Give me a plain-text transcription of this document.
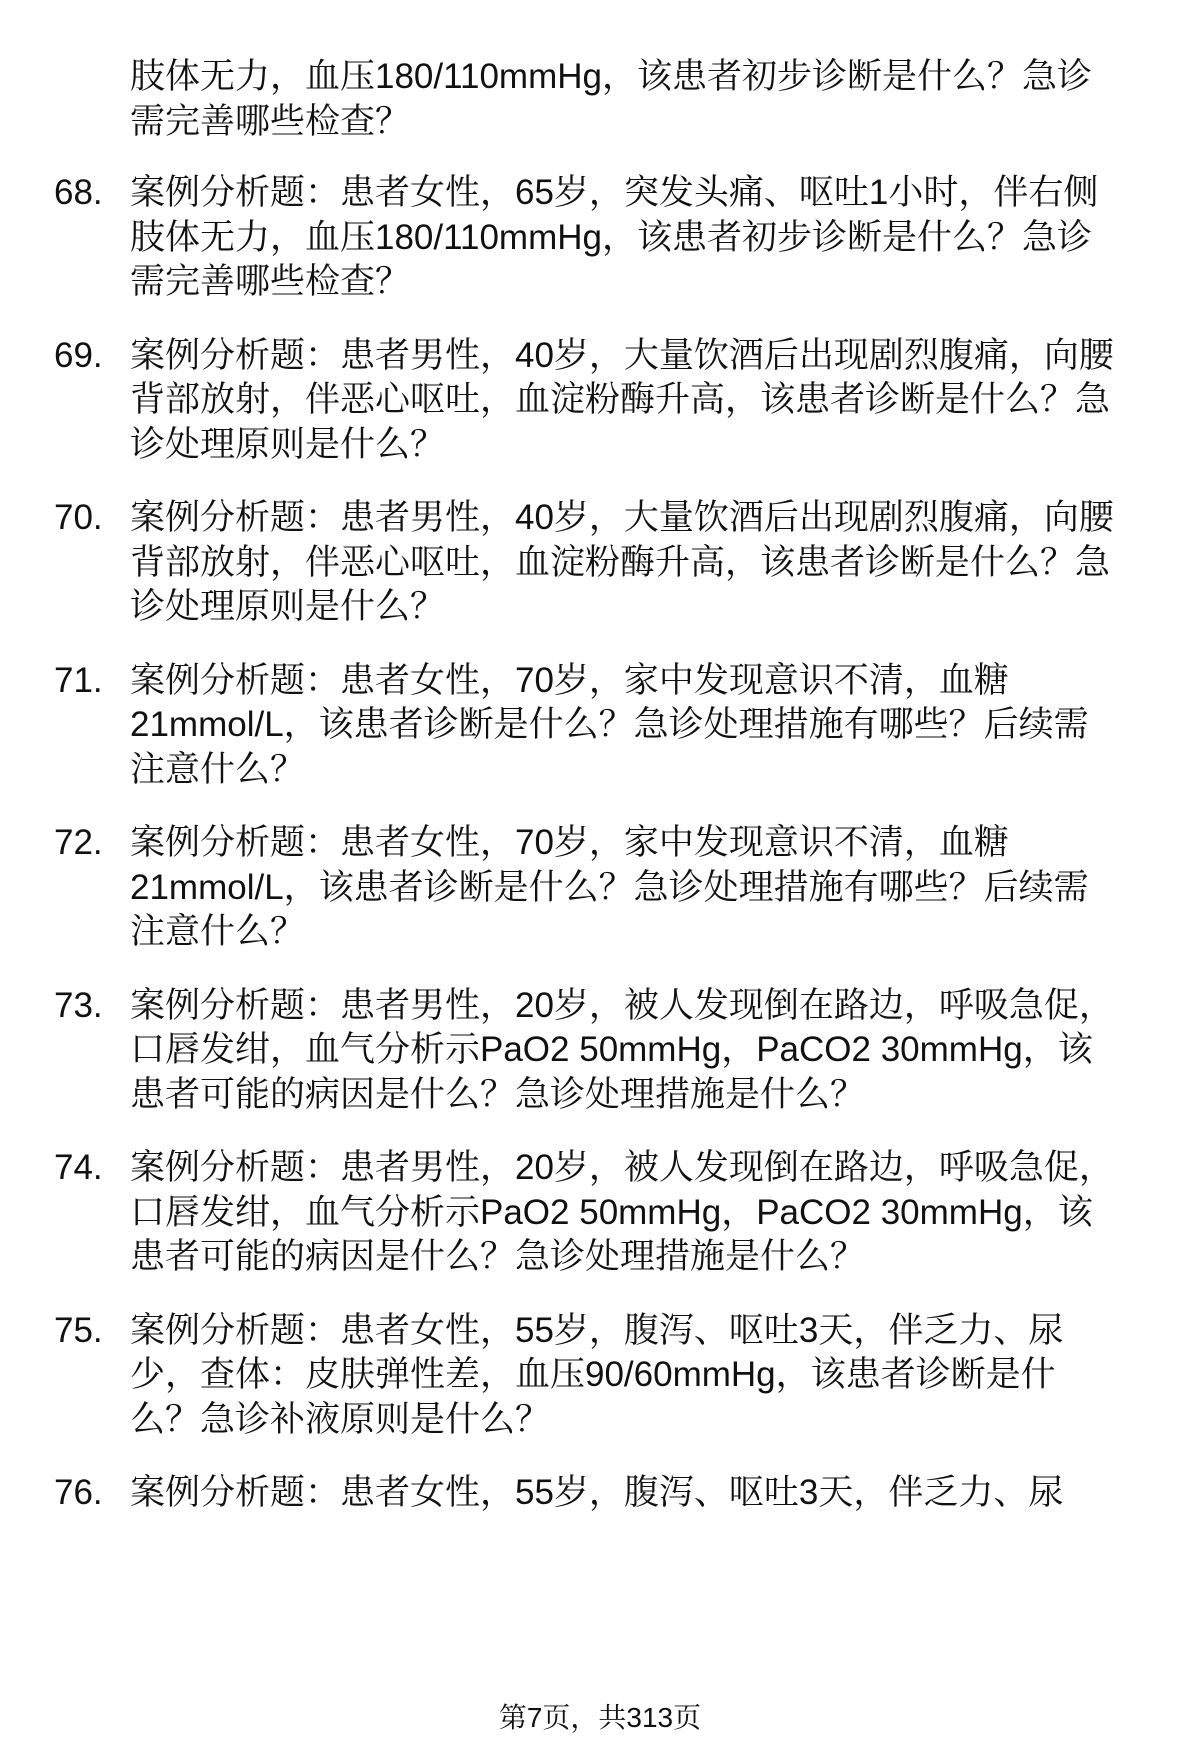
肢体无力，血压180/110mmHg，该患者初步诊断是什么？急诊
需完善哪些检查？
68. 案例分析题：患者女性，65岁，突发头痛、呕吐1小时，伴右侧
肢体无力，血压180/110mmHg，该患者初步诊断是什么？急诊
需完善哪些检查？
69. 案例分析题：患者男性，40岁，大量饮酒后出现剧烈腹痛，向腰
背部放射，伴恶心呕吐，血淀粉酶升高，该患者诊断是什么？急
诊处理原则是什么？
70. 案例分析题：患者男性，40岁，大量饮酒后出现剧烈腹痛，向腰
背部放射，伴恶心呕吐，血淀粉酶升高，该患者诊断是什么？急
诊处理原则是什么？
71. 案例分析题：患者女性，70岁，家中发现意识不清，血糖
21mmol/L，该患者诊断是什么？急诊处理措施有哪些？后续需
注意什么？
72. 案例分析题：患者女性，70岁，家中发现意识不清，血糖
21mmol/L，该患者诊断是什么？急诊处理措施有哪些？后续需
注意什么？
73. 案例分析题：患者男性，20岁，被人发现倒在路边，呼吸急促，
口唇发绀，血气分析示PaO2 50mmHg，PaCO2 30mmHg，该
患者可能的病因是什么？急诊处理措施是什么？
74. 案例分析题：患者男性，20岁，被人发现倒在路边，呼吸急促，
口唇发绀，血气分析示PaO2 50mmHg，PaCO2 30mmHg，该
患者可能的病因是什么？急诊处理措施是什么？
75. 案例分析题：患者女性，55岁，腹泻、呕吐3天，伴乏力、尿
少，查体：皮肤弹性差，血压90/60mmHg，该患者诊断是什
么？急诊补液原则是什么？
76. 案例分析题：患者女性，55岁，腹泻、呕吐3天，伴乏力、尿
第7页，共313页
